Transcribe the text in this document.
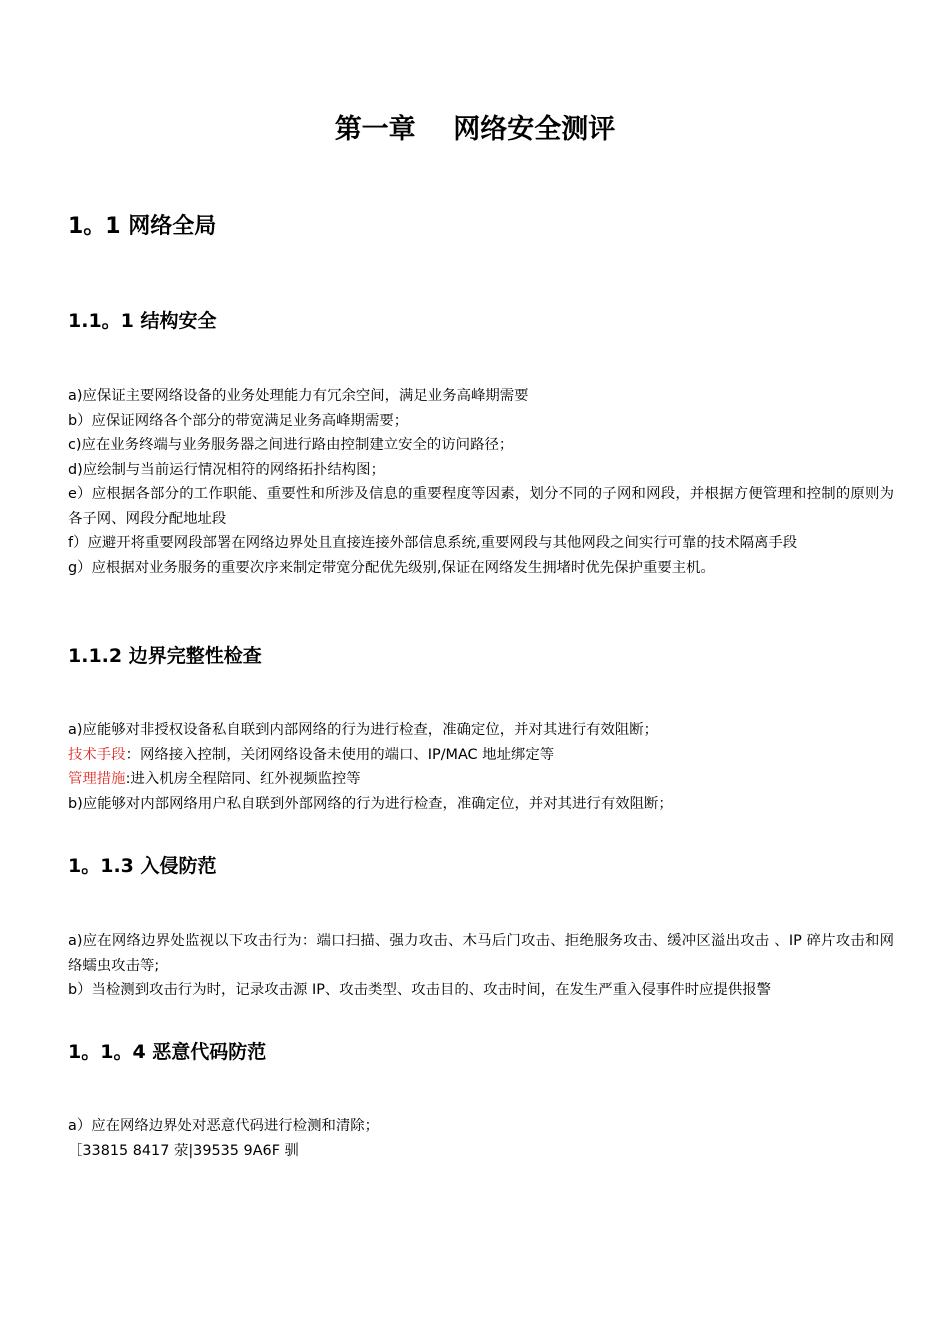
第一章    网络安全测评
1。1 网络全局
1.1。1 结构安全

a)应保证主要网络设备的业务处理能力有冗余空间，满足业务高峰期需要

b）应保证网络各个部分的带宽满足业务高峰期需要；

c)应在业务终端与业务服务器之间进行路由控制建立安全的访问路径；

d)应绘制与当前运行情况相符的网络拓扑结构图；

e）应根据各部分的工作职能、重要性和所涉及信息的重要程度等因素，划分不同的子网和网段，并根据方便管理和控制的原则为各子网、网段分配地址段

f）应避开将重要网段部署在网络边界处且直接连接外部信息系统,重要网段与其他网段之间实行可靠的技术隔离手段

g）应根据对业务服务的重要次序来制定带宽分配优先级别,保证在网络发生拥堵时优先保护重要主机。

1.1.2 边界完整性检查

a)应能够对非授权设备私自联到内部网络的行为进行检查，准确定位，并对其进行有效阻断；

技术手段：网络接入控制，关闭网络设备未使用的端口、IP/MAC 地址绑定等

管理措施:进入机房全程陪同、红外视频监控等

b)应能够对内部网络用户私自联到外部网络的行为进行检查，准确定位，并对其进行有效阻断；

1。1.3 入侵防范

a)应在网络边界处监视以下攻击行为：端口扫描、强力攻击、木马后门攻击、拒绝服务攻击、缓冲区溢出攻击 、IP 碎片攻击和网络蠕虫攻击等;

b）当检测到攻击行为时，记录攻击源 IP、攻击类型、攻击目的、攻击时间，在发生严重入侵事件时应提供报警

1。1。4 恶意代码防范

a）应在网络边界处对恶意代码进行检测和清除；

［33815 8417 荥|39535 9A6F 驯
